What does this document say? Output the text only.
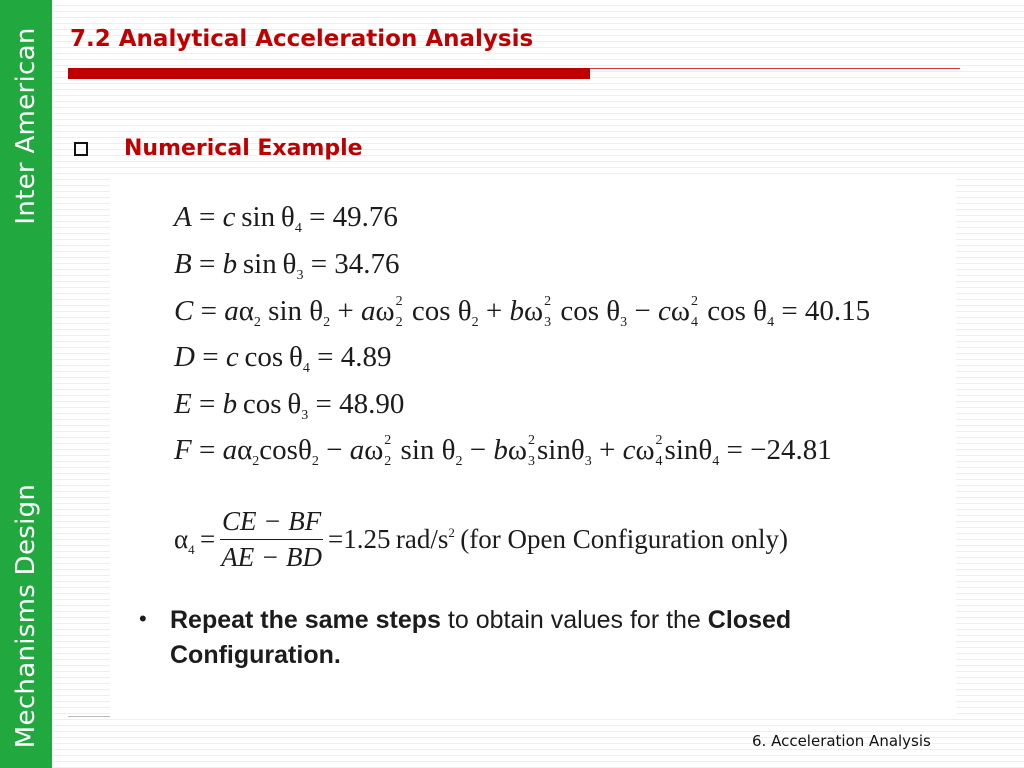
Inter American
Mechanisms Design
7.2 Analytical Acceleration Analysis
Numerical Example
A = c $\sin \theta_4 = 49.76$
B = b $\sin \theta_3 = 34.76$
$C = a\alpha_2$ $\sin \theta_2 + a\omega$ 2
2 $\cos \theta_2 + b\omega$ 2
3 $\cos \theta_3 - c\omega$ 2
4 $\cos \theta_4 = 40.15$
D = c $\cos \theta_4 = 4.89$
E = b $\cos \theta_3 = 48.90$
$F = a\alpha_2\cos\theta_2 - a\omega$ 2
2 $\sin \theta_2 - b\omega$ 2
3 sinθ$_3$ + cω 2
4 sinθ$_4$ = −24.81
$\alpha_4 = \frac{CE - BF}{AE - BD} =1.25$  rad/$s^2$  (for Open Configuration only)
• Repeat the same steps to obtain values for the Closed Configuration.
6. Acceleration Analysis
